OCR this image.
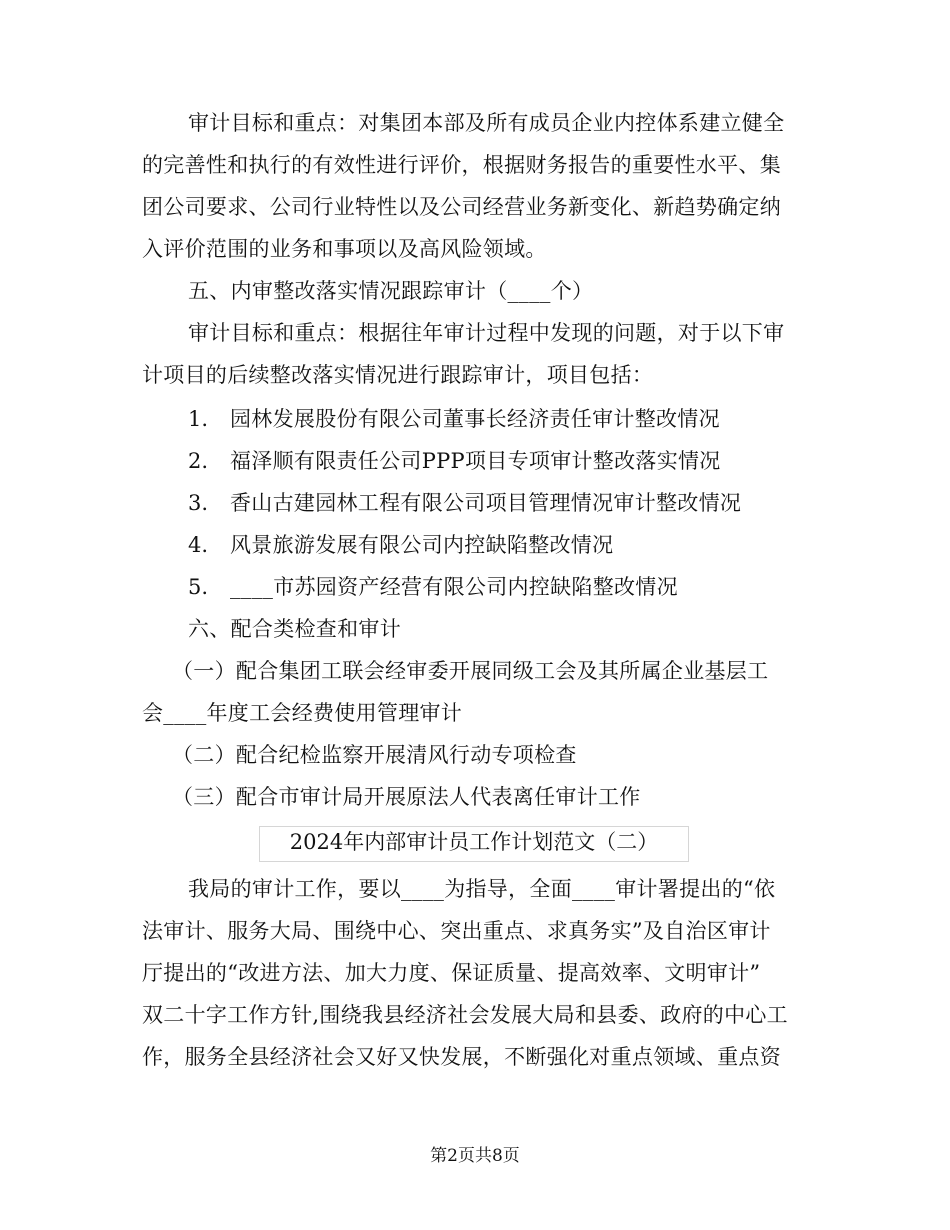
审计目标和重点：对集团本部及所有成员企业内控体系建立健全
的完善性和执行的有效性进行评价，根据财务报告的重要性水平、集
团公司要求、公司行业特性以及公司经营业务新变化、新趋势确定纳
入评价范围的业务和事项以及高风险领域。
五、内审整改落实情况跟踪审计（____个）
审计目标和重点：根据往年审计过程中发现的问题，对于以下审
计项目的后续整改落实情况进行跟踪审计，项目包括：
1. 园林发展股份有限公司董事长经济责任审计整改情况
2. 福泽顺有限责任公司PPP项目专项审计整改落实情况
3. 香山古建园林工程有限公司项目管理情况审计整改情况
4. 风景旅游发展有限公司内控缺陷整改情况
5. ____市苏园资产经营有限公司内控缺陷整改情况
六、配合类检查和审计
（一）配合集团工联会经审委开展同级工会及其所属企业基层工
会____年度工会经费使用管理审计
（二）配合纪检监察开展清风行动专项检查
（三）配合市审计局开展原法人代表离任审计工作
2024年内部审计员工作计划范文（二）
我局的审计工作，要以____为指导，全面____审计署提出的“依
法审计、服务大局、围绕中心、突出重点、求真务实”及自治区审计
厅提出的“改进方法、加大力度、保证质量、提高效率、文明审计”
双二十字工作方针,围绕我县经济社会发展大局和县委、政府的中心工
作，服务全县经济社会又好又快发展，不断强化对重点领域、重点资
第2页共8页
